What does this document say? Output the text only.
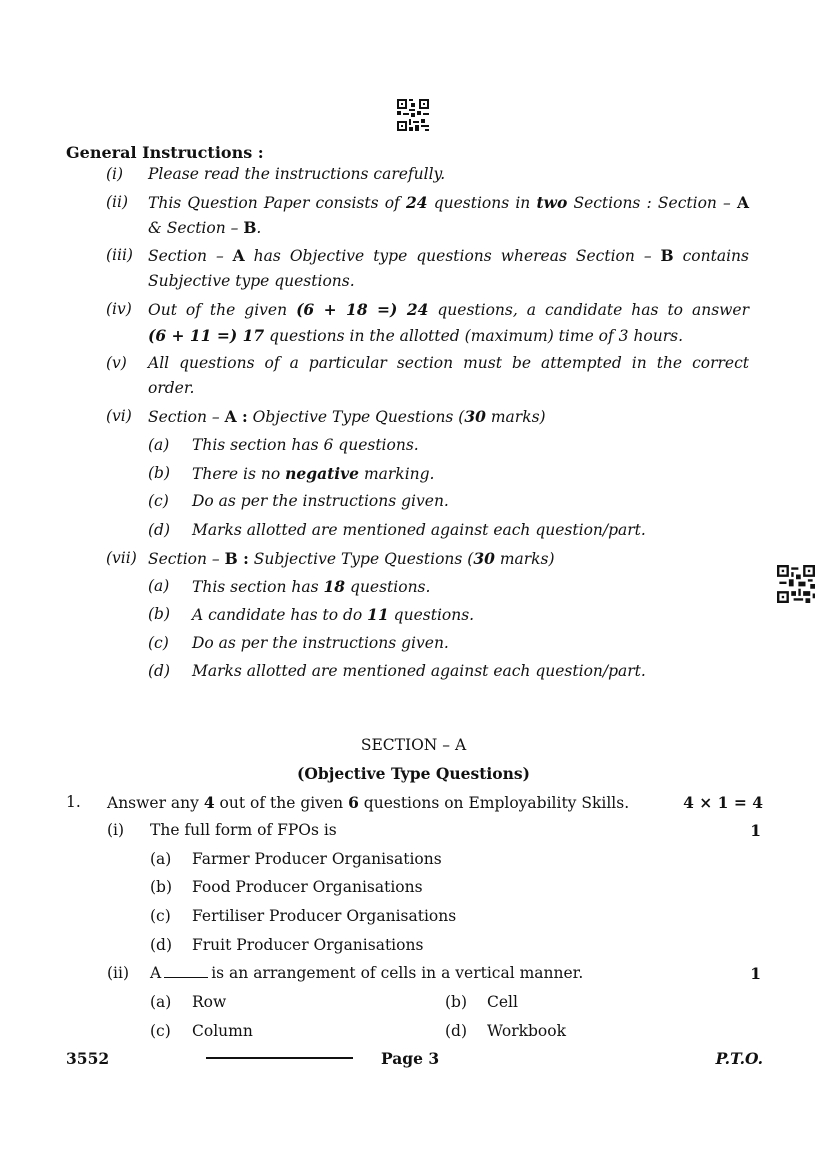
General Instructions :
(i) Please read the instructions carefully.
(ii) This Question Paper consists of 24 questions in two Sections : Section – A
& Section – B.
(iii) Section – A has Objective type questions whereas Section – B contains
Subjective type questions.
(iv) Out of the given (6 + 18 =) 24 questions, a candidate has to answer
(6 + 11 =) 17 questions in the allotted (maximum) time of 3 hours.
(v) All questions of a particular section must be attempted in the correct
order.
(vi) Section – A : Objective Type Questions (30 marks)
(a) This section has 6 questions.
(b) There is no negative marking.
(c) Do as per the instructions given.
(d) Marks allotted are mentioned against each question/part.
(vii) Section – B : Subjective Type Questions (30 marks)
(a) This section has 18 questions.
(b) A candidate has to do 11 questions.
(c) Do as per the instructions given.
(d) Marks allotted are mentioned against each question/part.
SECTION – A
(Objective Type Questions)
1. Answer any 4 out of the given 6 questions on Employability Skills.	4 × 1 = 4
(i) The full form of FPOs is	1
(a) Farmer Producer Organisations
(b) Food Producer Organisations
(c) Fertiliser Producer Organisations
(d) Fruit Producer Organisations
(ii) A	is an arrangement of cells in a vertical manner.	1
(a) Row	(b) Cell
(c) Column	(d) Workbook
3552	Page 3	P.T.O.
